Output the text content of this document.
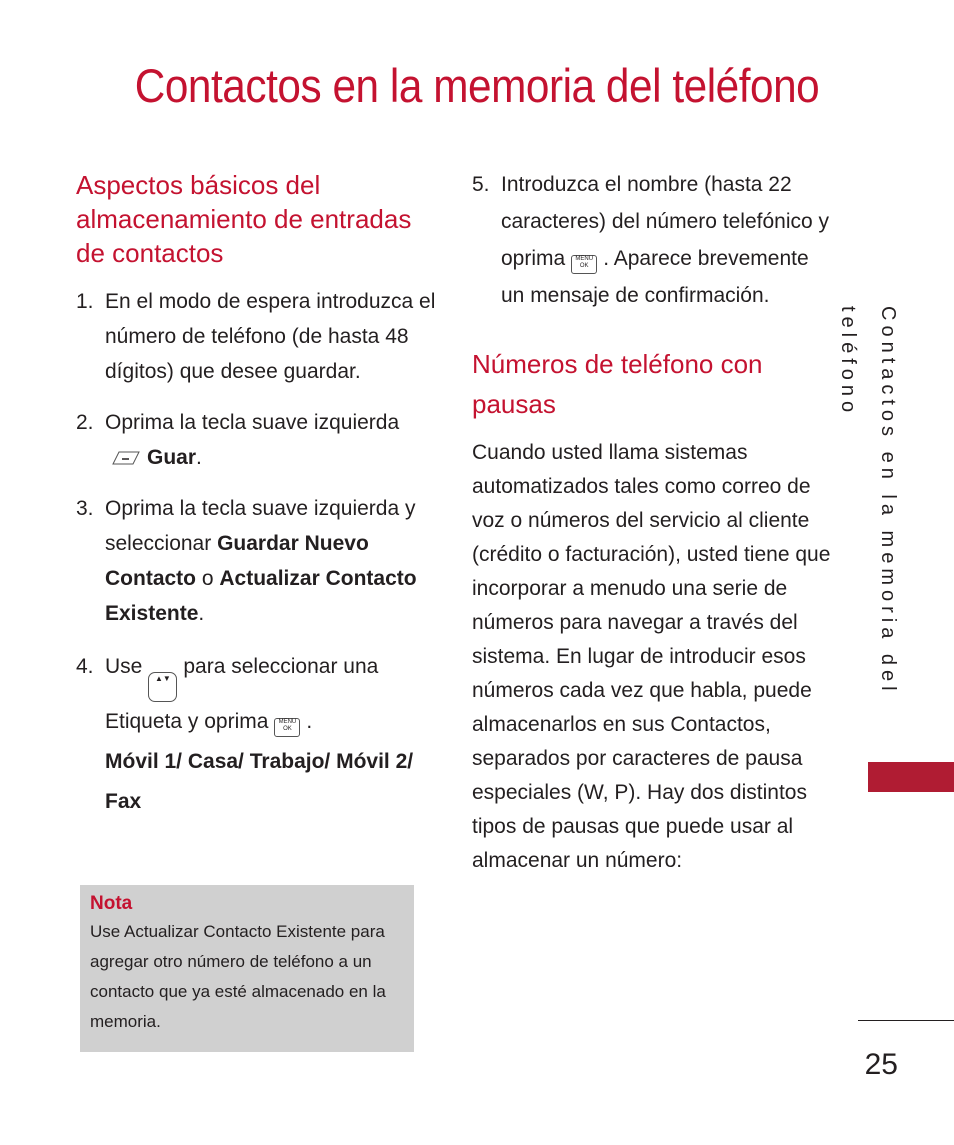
Contactos en la memoria del teléfono
Aspectos básicos del almacenamiento de entradas de contactos
1. En el modo de espera introduzca el número de teléfono (de hasta 48 dígitos) que desee guardar.
2. Oprima la tecla suave izquierdaGuar.
3. Oprima la tecla suave izquierda y seleccionar Guardar Nuevo Contacto o Actualizar Contacto Existente.
4. Use▲▼para seleccionar una Etiqueta y oprima	MENU
OK .
Móvil 1/ Casa/ Trabajo/ Móvil 2/ Fax
Nota
Use Actualizar Contacto Existente para agregar otro número de teléfono a un contacto que ya esté almacenado en la memoria.
5. Introduzca el nombre (hasta 22 caracteres) del número telefónico y oprima	MENU
OK . Aparece brevemente un mensaje de confirmación.
Números de teléfono con pausas

Cuando usted llama sistemas automatizados tales como correo de voz o números del servicio al cliente (crédito o facturación), usted tiene que incorporar a menudo una serie de números para navegar a través del sistema. En lugar de introducir esos números cada vez que habla, puede almacenarlos en sus Contactos, separados por caracteres de pausa especiales (W, P). Hay dos distintos tipos de pausas que puede usar al almacenar un número:

Contactos en la memoria del teléfono
25
